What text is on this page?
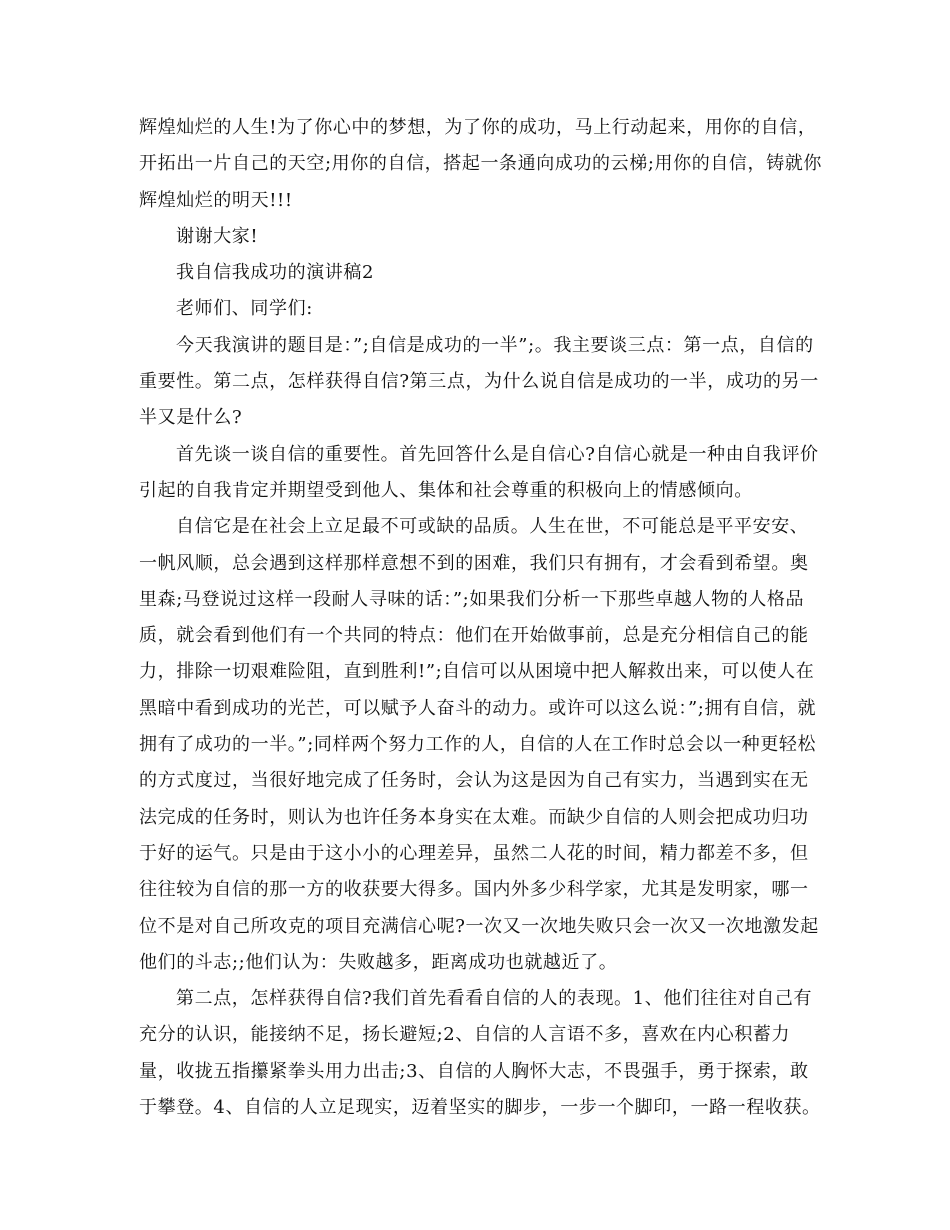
辉煌灿烂的人生!为了你心中的梦想，为了你的成功，马上行动起来，用你的自信，开拓出一片自己的天空;用你的自信，搭起一条通向成功的云梯;用你的自信，铸就你辉煌灿烂的明天!!!

谢谢大家!

我自信我成功的演讲稿2

老师们、同学们:

今天我演讲的题目是：”;自信是成功的一半”;。我主要谈三点：第一点，自信的重要性。第二点，怎样获得自信?第三点，为什么说自信是成功的一半，成功的另一半又是什么?

首先谈一谈自信的重要性。首先回答什么是自信心?自信心就是一种由自我评价引起的自我肯定并期望受到他人、集体和社会尊重的积极向上的情感倾向。

自信它是在社会上立足最不可或缺的品质。人生在世，不可能总是平平安安、一帆风顺，总会遇到这样那样意想不到的困难，我们只有拥有，才会看到希望。奥里森;马登说过这样一段耐人寻味的话：”;如果我们分析一下那些卓越人物的人格品质，就会看到他们有一个共同的特点：他们在开始做事前，总是充分相信自己的能力，排除一切艰难险阻，直到胜利!”;自信可以从困境中把人解救出来，可以使人在黑暗中看到成功的光芒，可以赋予人奋斗的动力。或许可以这么说：”;拥有自信，就拥有了成功的一半。”;同样两个努力工作的人，自信的人在工作时总会以一种更轻松的方式度过，当很好地完成了任务时，会认为这是因为自己有实力，当遇到实在无法完成的任务时，则认为也许任务本身实在太难。而缺少自信的人则会把成功归功于好的运气。只是由于这小小的心理差异，虽然二人花的时间，精力都差不多，但往往较为自信的那一方的收获要大得多。国内外多少科学家，尤其是发明家，哪一位不是对自己所攻克的项目充满信心呢?一次又一次地失败只会一次又一次地激发起他们的斗志;;他们认为：失败越多，距离成功也就越近了。

第二点，怎样获得自信?我们首先看看自信的人的表现。1、他们往往对自己有充分的认识，能接纳不足，扬长避短;2、自信的人言语不多，喜欢在内心积蓄力量，收拢五指攥紧拳头用力出击;3、自信的人胸怀大志，不畏强手，勇于探索，敢于攀登。4、自信的人立足现实，迈着坚实的脚步，一步一个脚印，一路一程收获。
